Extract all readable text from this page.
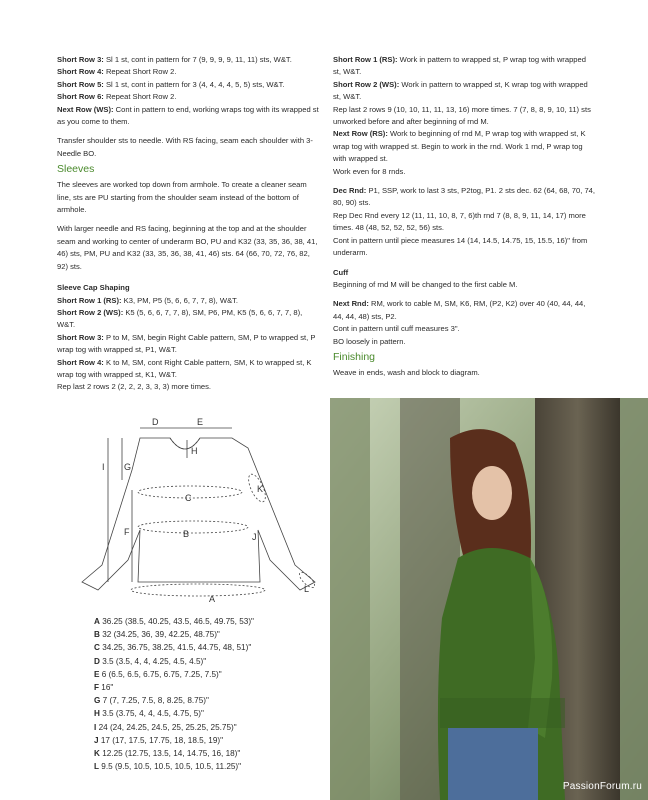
Short Row 3: Sl 1 st, cont in pattern for 7 (9, 9, 9, 9, 11, 11) sts, W&T.

Short Row 4: Repeat Short Row 2.

Short Row 5: Sl 1 st, cont in pattern for 3 (4, 4, 4, 4, 5, 5) sts, W&T.

Short Row 6: Repeat Short Row 2.

Next Row (WS): Cont in pattern to end, working wraps tog with its wrapped st as you come to them.

Transfer shoulder sts to needle. With RS facing, seam each shoulder with 3-Needle BO.

Sleeves

The sleeves are worked top down from armhole. To create a cleaner seam line, sts are PU starting from the shoulder seam instead of the bottom of armhole.

With larger needle and RS facing, beginning at the top and at the shoulder seam and working to center of underarm BO, PU and K32 (33, 35, 36, 38, 41, 46) sts, PM, PU and K32 (33, 35, 36, 38, 41, 46) sts. 64 (66, 70, 72, 76, 82, 92) sts.

Sleeve Cap Shaping

Short Row 1 (RS): K3, PM, P5 (5, 6, 6, 7, 7, 8), W&T.

Short Row 2 (WS): K5 (5, 6, 6, 7, 7, 8), SM, P6, PM, K5 (5, 6, 6, 7, 7, 8), W&T.

Short Row 3: P to M, SM, begin Right Cable pattern, SM, P to wrapped st, P wrap tog with wrapped st, P1, W&T.

Short Row 4: K to M, SM, cont Right Cable pattern, SM, K to wrapped st, K wrap tog with wrapped st, K1, W&T.

Rep last 2 rows 2 (2, 2, 2, 3, 3, 3) more times.

Short Row 1 (RS): Work in pattern to wrapped st, P wrap tog with wrapped st, W&T.

Short Row 2 (WS): Work in pattern to wrapped st, K wrap tog with wrapped st, W&T.

Rep last 2 rows 9 (10, 10, 11, 11, 13, 16) more times. 7 (7, 8, 8, 9, 10, 11) sts unworked before and after beginning of rnd M.

Next Row (RS): Work to beginning of rnd M, P wrap tog with wrapped st, K wrap tog with wrapped st. Begin to work in the rnd. Work 1 rnd, P wrap tog with wrapped st.

Work even for 8 rnds.

Dec Rnd: P1, SSP, work to last 3 sts, P2tog, P1. 2 sts dec. 62 (64, 68, 70, 74, 80, 90) sts.

Rep Dec Rnd every 12 (11, 11, 10, 8, 7, 6)th rnd 7 (8, 8, 9, 11, 14, 17) more times. 48 (48, 52, 52, 52, 56) sts.

Cont in pattern until piece measures 14 (14, 14.5, 14.75, 15, 15.5, 16)" from underarm.

Cuff

Beginning of rnd M will be changed to the first cable M.

Next Rnd: RM, work to cable M, SM, K6, RM, (P2, K2) over 40 (40, 44, 44, 44, 44, 48) sts, P2.

Cont in pattern until cuff measures 3".

BO loosely in pattern.

Finishing

Weave in ends, wash and block to diagram.

D	E
H
I G
C
K
F	B	J
L
A
A 36.25 (38.5, 40.25, 43.5, 46.5, 49.75, 53)"
B 32 (34.25, 36, 39, 42.25, 48.75)"
C 34.25, 36.75, 38.25, 41.5, 44.75, 48, 51)"
D 3.5 (3.5, 4, 4, 4.25, 4.5, 4.5)"
E 6 (6.5, 6.5, 6.75, 6.75, 7.25, 7.5)"
F 16"
G 7 (7, 7.25, 7.5, 8, 8.25, 8.75)"
H 3.5 (3.75, 4, 4, 4.5, 4.75, 5)"
I 24 (24, 24.25, 24.5, 25, 25.25, 25.75)"
J 17 (17, 17.5, 17.75, 18, 18.5, 19)"
K 12.25 (12.75, 13.5, 14, 14.75, 16, 18)"
L 9.5 (9.5, 10.5, 10.5, 10.5, 10.5, 11.25)"
PassionForum.ru
